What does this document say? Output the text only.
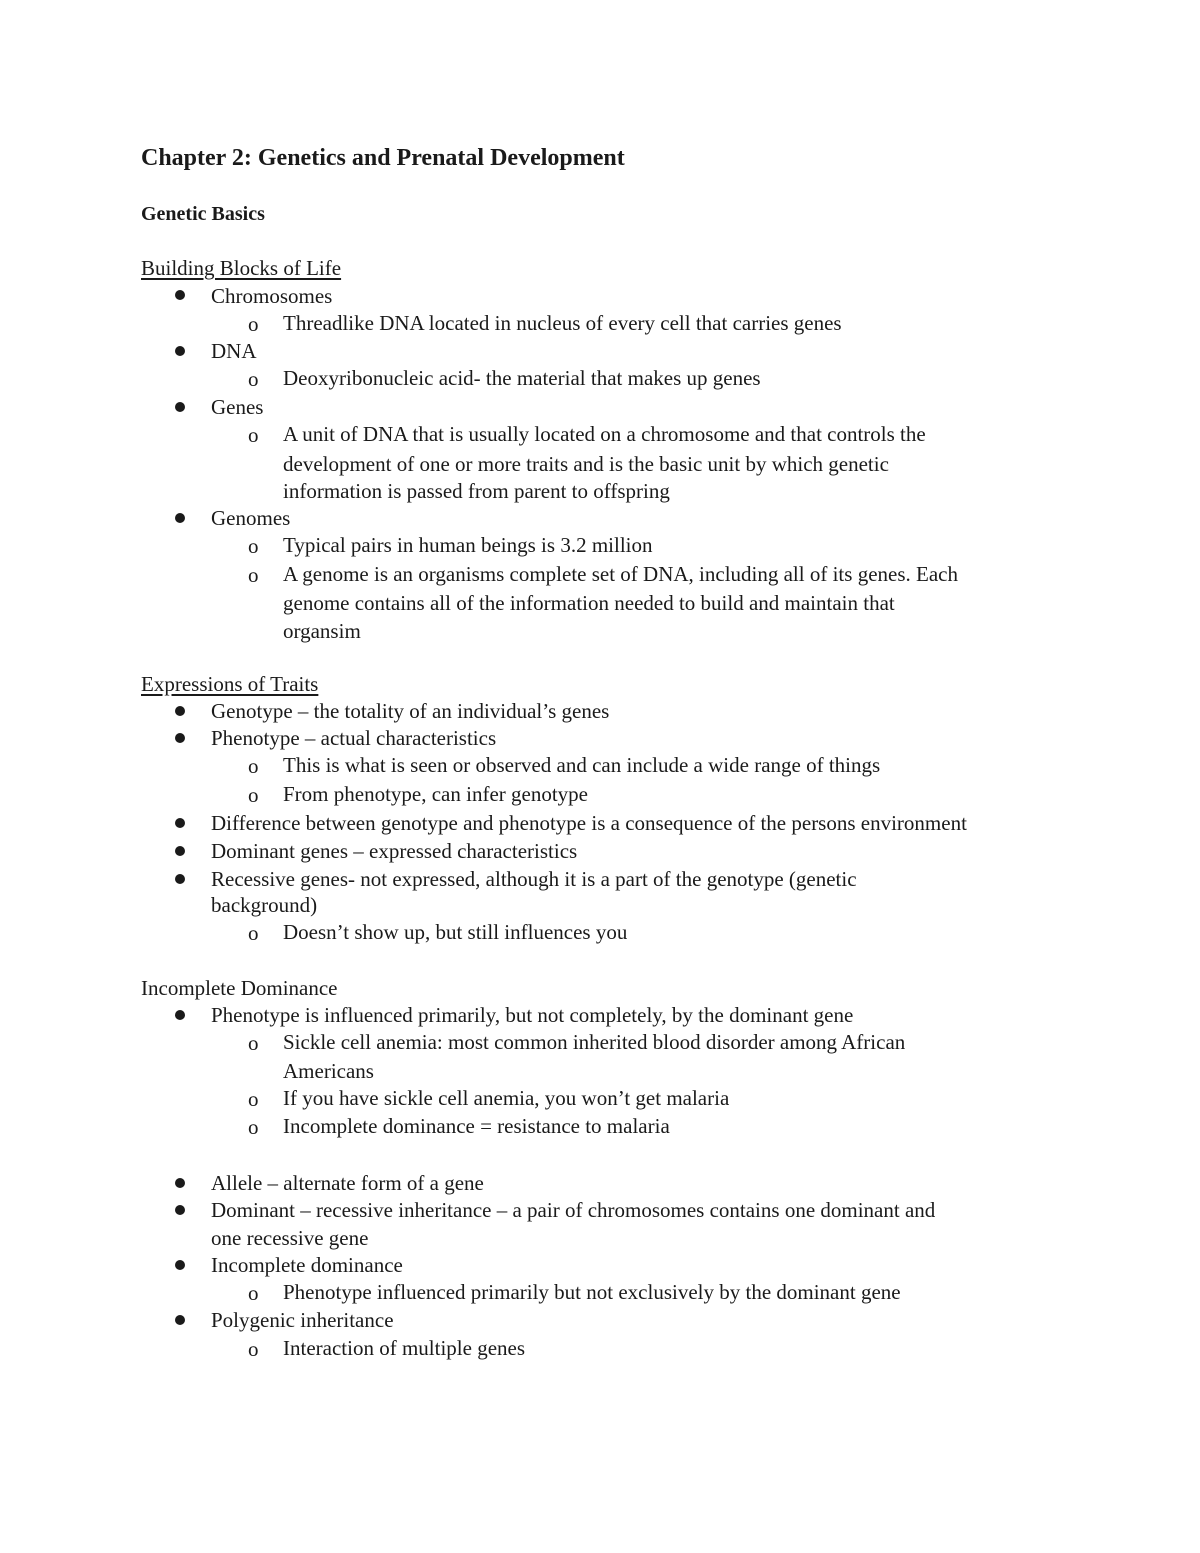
Chapter 2: Genetics and Prenatal Development
Genetic Basics

Building Blocks of Life

Chromosomes

o Threadlike DNA located in nucleus of every cell that carries genes

DNA

o Deoxyribonucleic acid- the material that makes up genes

Genes

o A unit of DNA that is usually located on a chromosome and that controls the

development of one or more traits and is the basic unit by which genetic

information is passed from parent to offspring

Genomes

o Typical pairs in human beings is 3.2 million

o A genome is an organisms complete set of DNA, including all of its genes. Each

genome contains all of the information needed to build and maintain that

organsim

Expressions of Traits

Genotype – the totality of an individual’s genes

Phenotype – actual characteristics

o This is what is seen or observed and can include a wide range of things

o From phenotype, can infer genotype

Difference between genotype and phenotype is a consequence of the persons environment

Dominant genes – expressed characteristics

Recessive genes- not expressed, although it is a part of the genotype (genetic

background)

o Doesn’t show up, but still influences you

Incomplete Dominance

Phenotype is influenced primarily, but not completely, by the dominant gene

o Sickle cell anemia: most common inherited blood disorder among African

Americans

o If you have sickle cell anemia, you won’t get malaria

o Incomplete dominance = resistance to malaria

Allele – alternate form of a gene

Dominant – recessive inheritance – a pair of chromosomes contains one dominant and

one recessive gene

Incomplete dominance

o Phenotype influenced primarily but not exclusively by the dominant gene

Polygenic inheritance

o Interaction of multiple genes
